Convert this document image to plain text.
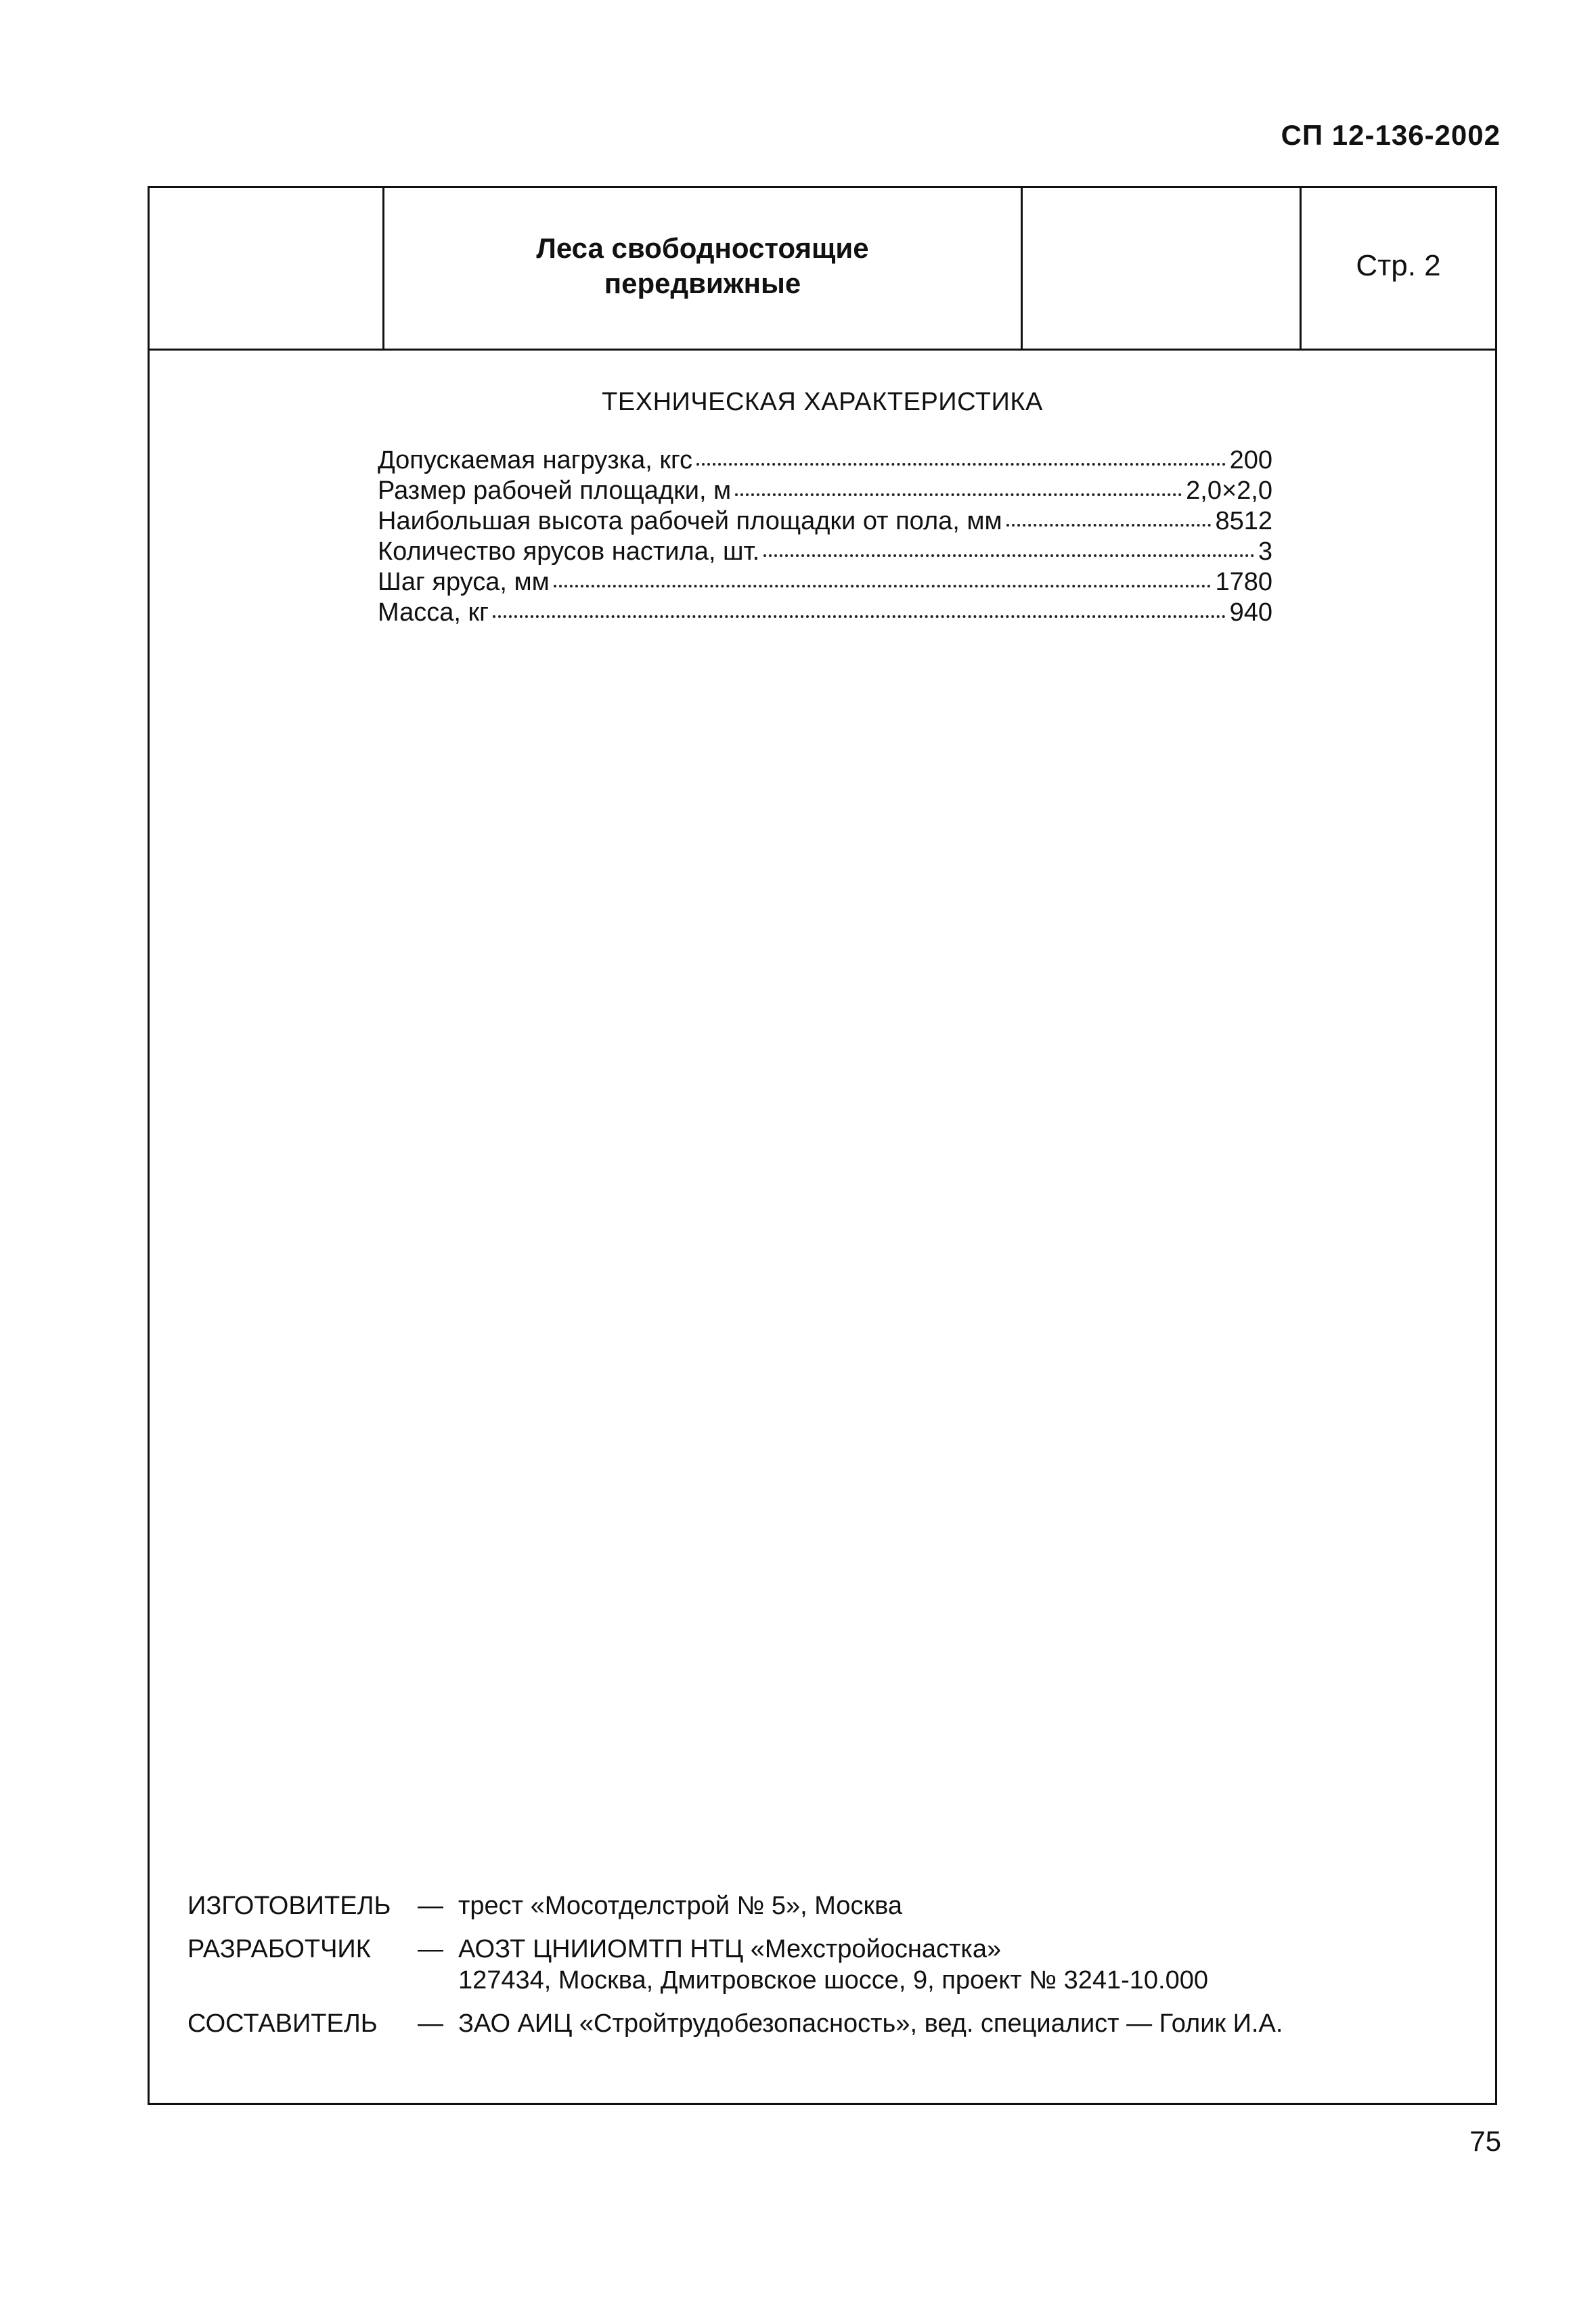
СП 12-136-2002
Леса свободностоящие
передвижные
Стр. 2
ТЕХНИЧЕСКАЯ ХАРАКТЕРИСТИКА
Допускаемая нагрузка, кгс	200
Размер рабочей площадки, м	2,0×2,0
Наибольшая высота рабочей площадки от пола, мм	8512
Количество ярусов настила, шт.	3
Шаг яруса, мм	1780
Масса, кг	940
ИЗГОТОВИТЕЛЬ	— трест «Мосотделстрой № 5», Москва
РАЗРАБОТЧИК	— АОЗТ ЦНИИОМТП НТЦ «Мехстройоснастка»
127434, Москва, Дмитровское шоссе, 9, проект № 3241-10.000
СОСТАВИТЕЛЬ	— ЗАО АИЦ «Стройтрудобезопасность», вед. специалист — Голик И.А.
75
